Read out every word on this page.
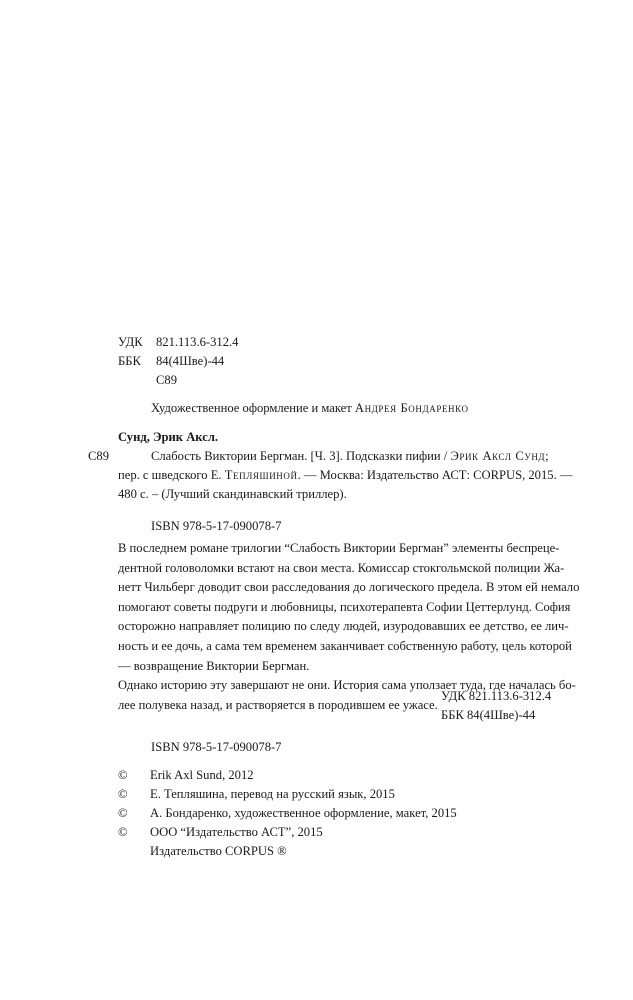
УДК 821.113.6-312.4
ББК 84(4Шве)-44
С89
Художественное оформление и макет Андрея Бондаренко
Сунд, Эрик Аксл.
С89	Слабость Виктории Бергман. [Ч. 3]. Подсказки пифии / Эрик Аксл Сунд;
пер. с шведского Е. Тепляшиной. — Москва: Издательство АСТ: CORPUS, 2015. —
480 с. – (Лучший скандинавский триллер).
ISBN 978-5-17-090078-7
В последнем романе трилогии “Слабость Виктории Бергман” элементы беспреце-
дентной головоломки встают на свои места. Комиссар стокгольмской полиции Жа-
нетт Чильберг доводит свои расследования до логического предела. В этом ей немало
помогают советы подруги и любовницы, психотерапевта Софии Цеттерлунд. София
осторожно направляет полицию по следу людей, изуродовавших ее детство, ее лич-
ность и ее дочь, а сама тем временем заканчивает собственную работу, цель которой
— возвращение Виктории Бергман.
Однако историю эту завершают не они. История сама уползает туда, где началась бо-
лее полувека назад, и растворяется в породившем ее ужасе.
УДК 821.113.6-312.4
ББК 84(4Шве)-44
ISBN 978-5-17-090078-7
© Erik Axl Sund, 2012
© Е. Тепляшина, перевод на русский язык, 2015
© А. Бондаренко, художественное оформление, макет, 2015
© ООО “Издательство АСТ”, 2015
Издательство CORPUS ®
